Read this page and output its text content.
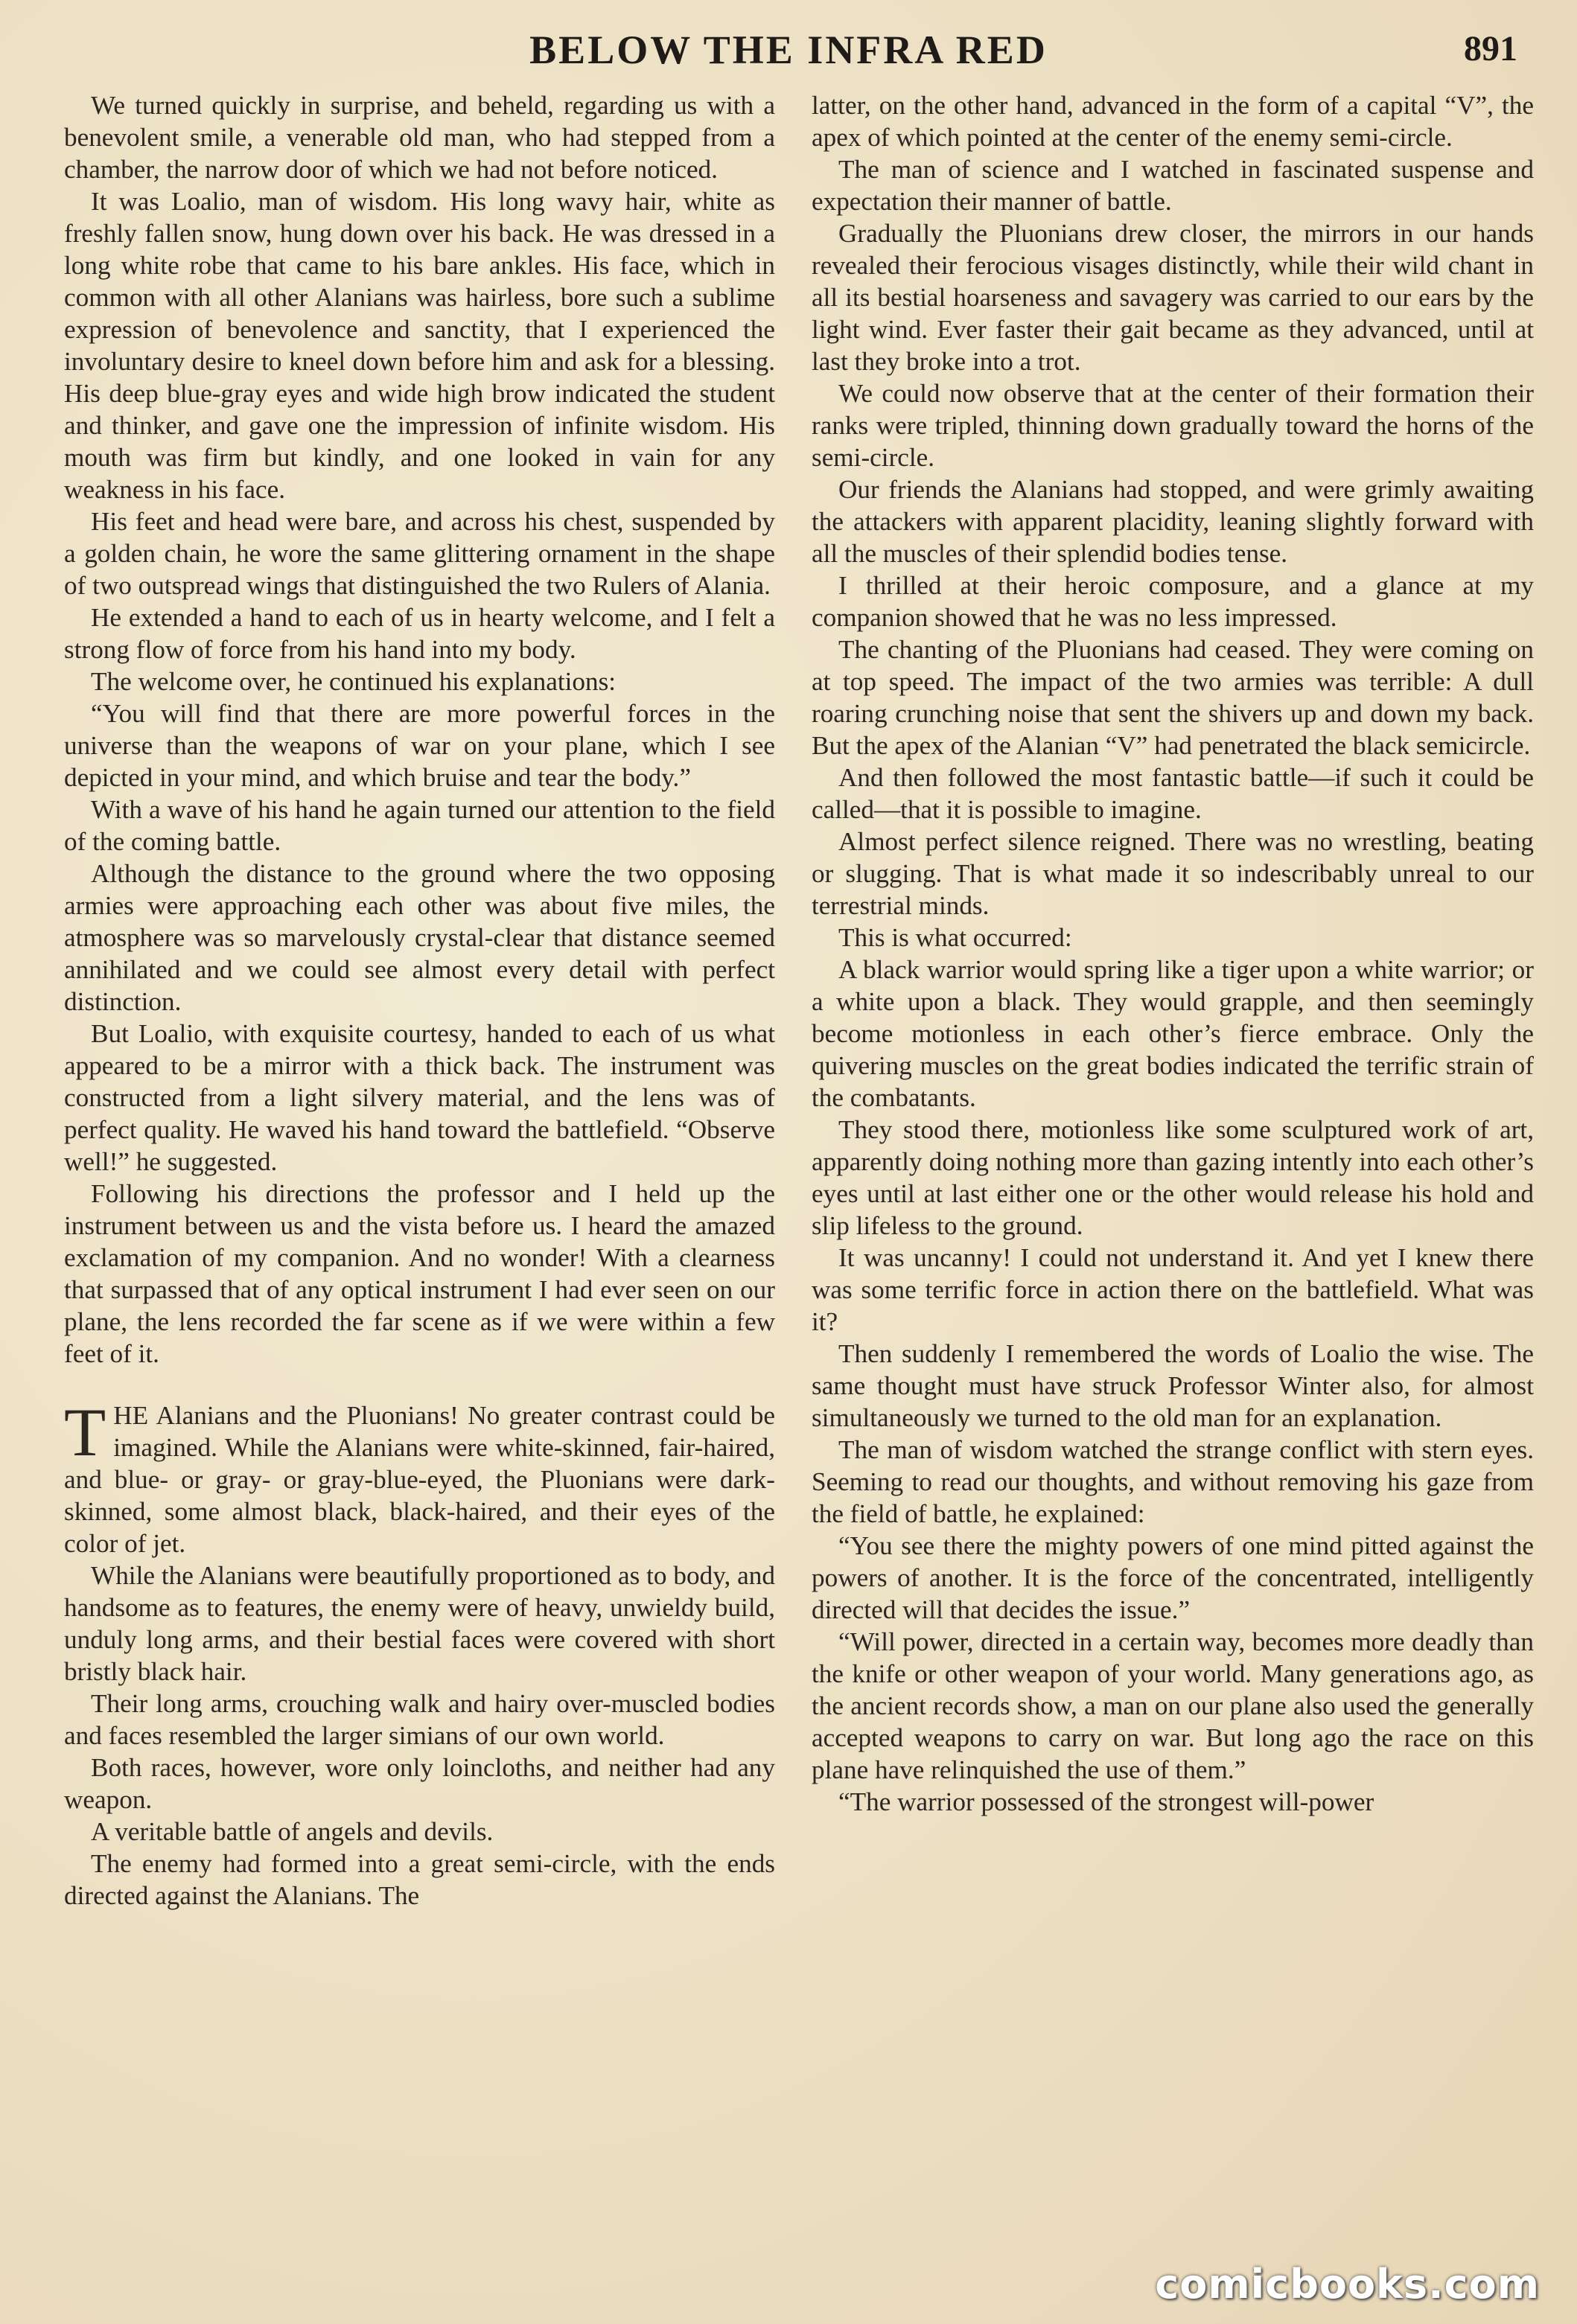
BELOW THE INFRA RED	891

We turned quickly in surprise, and beheld, regarding us with a benevolent smile, a venerable old man, who had stepped from a chamber, the narrow door of which we had not before noticed.

It was Loalio, man of wisdom. His long wavy hair, white as freshly fallen snow, hung down over his back. He was dressed in a long white robe that came to his bare ankles. His face, which in common with all other Alanians was hairless, bore such a sublime expression of benevolence and sanctity, that I experienced the involuntary desire to kneel down before him and ask for a blessing. His deep blue-gray eyes and wide high brow indicated the student and thinker, and gave one the impression of infinite wisdom. His mouth was firm but kindly, and one looked in vain for any weakness in his face.

His feet and head were bare, and across his chest, suspended by a golden chain, he wore the same glittering ornament in the shape of two outspread wings that distinguished the two Rulers of Alania.

He extended a hand to each of us in hearty welcome, and I felt a strong flow of force from his hand into my body.

The welcome over, he continued his explanations:

“You will find that there are more powerful forces in the universe than the weapons of war on your plane, which I see depicted in your mind, and which bruise and tear the body.”

With a wave of his hand he again turned our attention to the field of the coming battle.

Although the distance to the ground where the two opposing armies were approaching each other was about five miles, the atmosphere was so marvelously crystal-clear that distance seemed annihilated and we could see almost every detail with perfect distinction.

But Loalio, with exquisite courtesy, handed to each of us what appeared to be a mirror with a thick back. The instrument was constructed from a light silvery material, and the lens was of perfect quality. He waved his hand toward the battlefield. “Observe well!” he suggested.

Following his directions the professor and I held up the instrument between us and the vista before us. I heard the amazed exclamation of my companion. And no wonder! With a clearness that surpassed that of any optical instrument I had ever seen on our plane, the lens recorded the far scene as if we were within a few feet of it.

THE Alanians and the Pluonians! No greater contrast could be imagined. While the Alanians were white-skinned, fair-haired, and blue- or gray- or gray-blue-eyed, the Pluonians were dark-skinned, some almost black, black-haired, and their eyes of the color of jet.

While the Alanians were beautifully proportioned as to body, and handsome as to features, the enemy were of heavy, unwieldy build, unduly long arms, and their bestial faces were covered with short bristly black hair.

Their long arms, crouching walk and hairy over-muscled bodies and faces resembled the larger simians of our own world.

Both races, however, wore only loincloths, and neither had any weapon.

A veritable battle of angels and devils.

The enemy had formed into a great semi-circle, with the ends directed against the Alanians. The

latter, on the other hand, advanced in the form of a capital “V”, the apex of which pointed at the center of the enemy semi-circle.

The man of science and I watched in fascinated suspense and expectation their manner of battle.

Gradually the Pluonians drew closer, the mirrors in our hands revealed their ferocious visages distinctly, while their wild chant in all its bestial hoarseness and savagery was carried to our ears by the light wind. Ever faster their gait became as they advanced, until at last they broke into a trot.

We could now observe that at the center of their formation their ranks were tripled, thinning down gradually toward the horns of the semi-circle.

Our friends the Alanians had stopped, and were grimly awaiting the attackers with apparent placidity, leaning slightly forward with all the muscles of their splendid bodies tense.

I thrilled at their heroic composure, and a glance at my companion showed that he was no less impressed.

The chanting of the Pluonians had ceased. They were coming on at top speed. The impact of the two armies was terrible: A dull roaring crunching noise that sent the shivers up and down my back. But the apex of the Alanian “V” had penetrated the black semicircle.

And then followed the most fantastic battle—if such it could be called—that it is possible to imagine.

Almost perfect silence reigned. There was no wrestling, beating or slugging. That is what made it so indescribably unreal to our terrestrial minds.

This is what occurred:

A black warrior would spring like a tiger upon a white warrior; or a white upon a black. They would grapple, and then seemingly become motionless in each other’s fierce embrace. Only the quivering muscles on the great bodies indicated the terrific strain of the combatants.

They stood there, motionless like some sculptured work of art, apparently doing nothing more than gazing intently into each other’s eyes until at last either one or the other would release his hold and slip lifeless to the ground.

It was uncanny! I could not understand it. And yet I knew there was some terrific force in action there on the battlefield. What was it?

Then suddenly I remembered the words of Loalio the wise. The same thought must have struck Professor Winter also, for almost simultaneously we turned to the old man for an explanation.

The man of wisdom watched the strange conflict with stern eyes. Seeming to read our thoughts, and without removing his gaze from the field of battle, he explained:

“You see there the mighty powers of one mind pitted against the powers of another. It is the force of the concentrated, intelligently directed will that decides the issue.”

“Will power, directed in a certain way, becomes more deadly than the knife or other weapon of your world. Many generations ago, as the ancient records show, a man on our plane also used the generally accepted weapons to carry on war. But long ago the race on this plane have relinquished the use of them.”

“The warrior possessed of the strongest will-power

comicbooks.com
